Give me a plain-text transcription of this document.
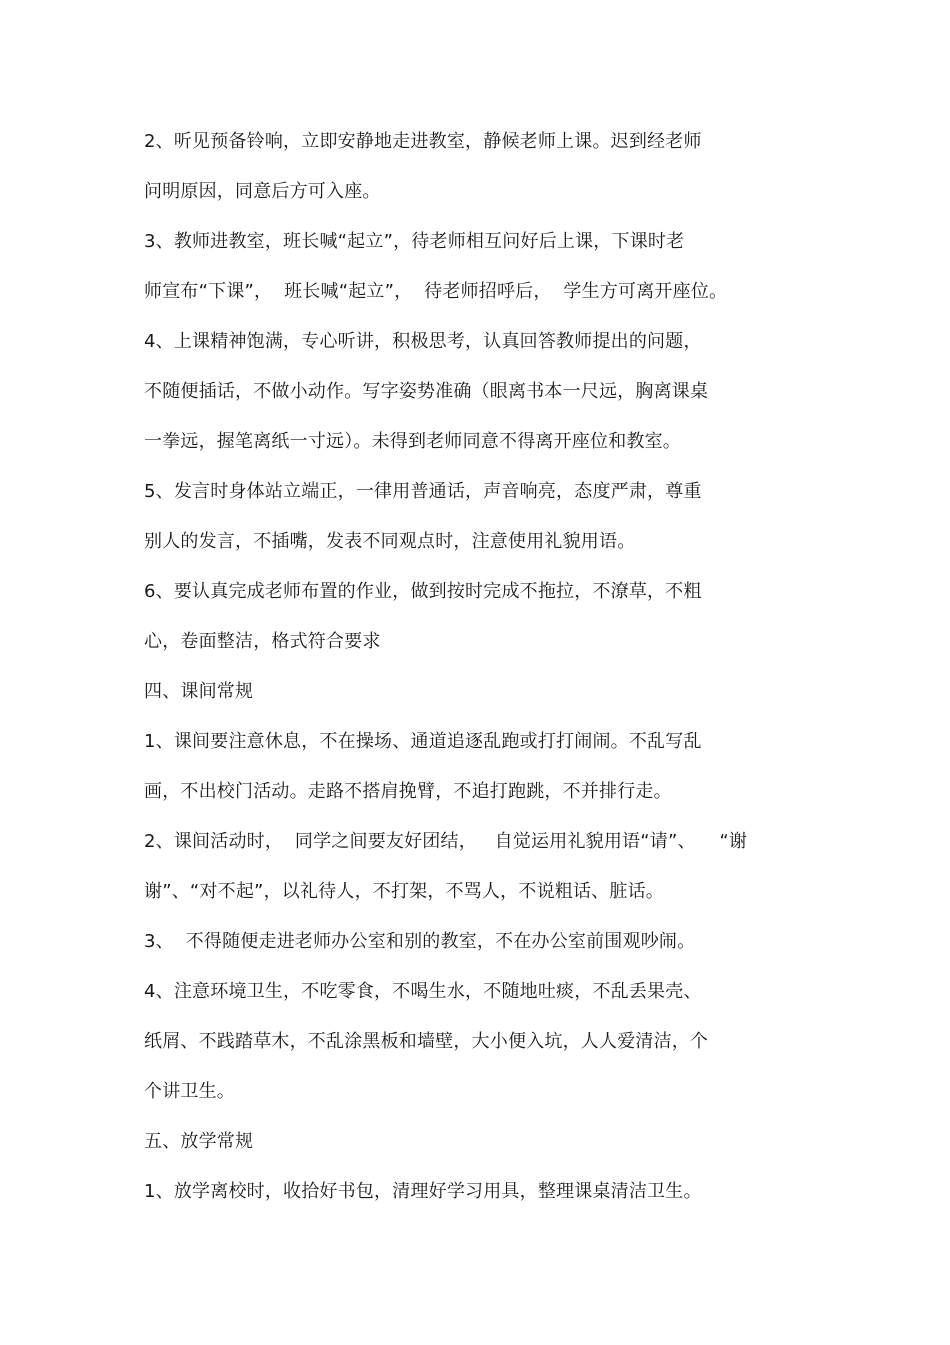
2、听见预备铃响，立即安静地走进教室，静候老师上课。迟到经老师
问明原因，同意后方可入座。
3、教师进教室，班长喊“起立”，待老师相互问好后上课，下课时老
师宣布“下课”，  班长喊“起立”，  待老师招呼后，  学生方可离开座位。
4、上课精神饱满，专心听讲，积极思考，认真回答教师提出的问题，
不随便插话，不做小动作。写字姿势准确（眼离书本一尺远，胸离课桌
一拳远，握笔离纸一寸远）。未得到老师同意不得离开座位和教室。
5、发言时身体站立端正，一律用普通话，声音响亮，态度严肃，尊重
别人的发言，不插嘴，发表不同观点时，注意使用礼貌用语。
6、要认真完成老师布置的作业，做到按时完成不拖拉，不潦草，不粗
心，卷面整洁，格式符合要求
四、课间常规
1、课间要注意休息，不在操场、通道追逐乱跑或打打闹闹。不乱写乱
画，不出校门活动。走路不搭肩挽臂，不追打跑跳，不并排行走。
2、课间活动时，  同学之间要友好团结，   自觉运用礼貌用语“请”、    “谢
谢”、“对不起”，以礼待人，不打架，不骂人，不说粗话、脏话。
3、  不得随便走进老师办公室和别的教室，不在办公室前围观吵闹。
4、注意环境卫生，不吃零食，不喝生水，不随地吐痰，不乱丢果壳、
纸屑、不践踏草木，不乱涂黑板和墙壁，大小便入坑，人人爱清洁，个
个讲卫生。
五、放学常规
1、放学离校时，收拾好书包，清理好学习用具，整理课桌清洁卫生。
